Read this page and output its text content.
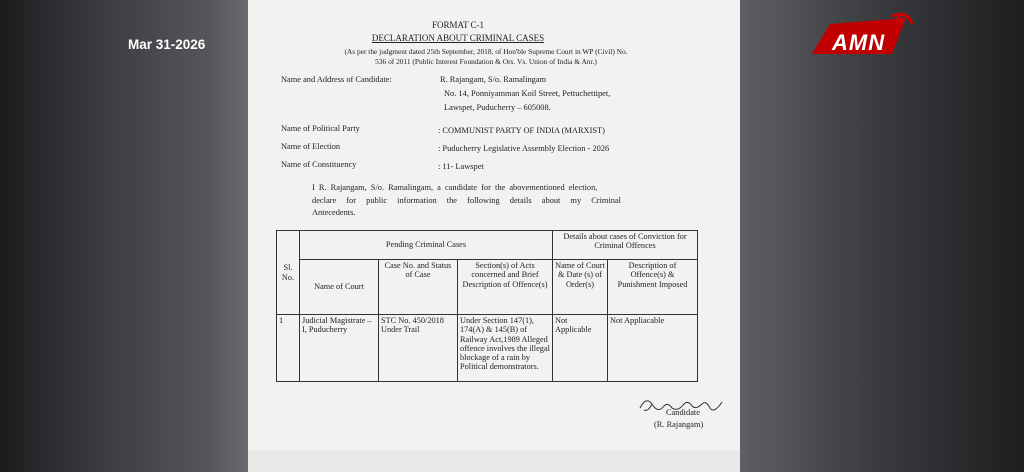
Mar 31-2026	AMN
tv
FORMAT C-1
DECLARATION ABOUT CRIMINAL CASES
(As per the judgment dated 25th September, 2018, of Hon'ble Supreme Court in WP (Civil) No.
536 of 2011 (Public Interest Foundation & Ors. Vs. Union of India & Anr.)
Name and Address of Candidate:	R. Rajangam, S/o. Ramalingam
No. 14, Ponniyamman Koil Street, Pettuchettipet,
Lawspet, Puducherry – 605008.
Name of Political Party	: COMMUNIST PARTY OF INDIA (MARXIST)
Name of Election	: Puducherry Legislative Assembly Election - 2026
Name of Constituency	: 11- Lawspet
I R. Rajangam, S/o. Ramalingam, a candidate for the abovementioned election,
declare for public information the following details about my Criminal
Antecedents.
Sl. No.	Pending Criminal Cases			Details about cases of Conviction for Criminal Offences	
	Name of Court	Case No. and Status of Case	Section(s) of Acts concerned and Brief Description of Offence(s)	Name of Court & Date (s) of Order(s)	Description of Offence(s) & Punishment Imposed
1	Judicial Magistrate – I, Puducherry	STC No. 450/2018 Under Trail	Under Section 147(1), 174(A) & 145(B) of Railway Act,1989 Alleged offence involves the illegal blockage of a rain by Political demonstrators.	Not Applicable	Not Appliacable
Candidate
(R. Rajangam)
